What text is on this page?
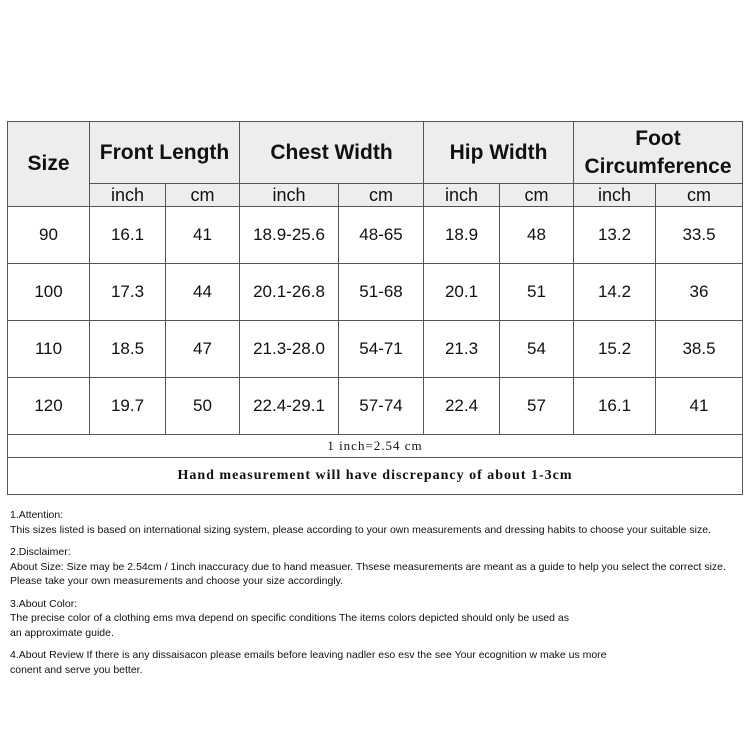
Size	Front Length		Chest Width		Hip Width		Foot Circumference	
	inch	cm	inch	cm	inch	cm	inch	cm
90	16.1	41	18.9-25.6	48-65	18.9	48	13.2	33.5
100	17.3	44	20.1-26.8	51-68	20.1	51	14.2	36
110	18.5	47	21.3-28.0	54-71	21.3	54	15.2	38.5
120	19.7	50	22.4-29.1	57-74	22.4	57	16.1	41
1 inch=2.54 cm								
Hand measurement will have discrepancy of about 1-3cm								

1.Attention:
This sizes listed is based on international sizing system, please according to your own measurements and dressing habits to choose your suitable size.

2.Disclaimer:
About Size: Size may be 2.54cm / 1inch inaccuracy due to hand measuer. Thsese measurements are meant as a guide to help you select the correct size.
Please take your own measurements and choose your size accordingly.

3.About Color:
The precise color of a clothing ems mva depend on specific conditions The items colors depicted should only be used as
an approximate guide.

4.About Review If there is any dissaisacon please emails before leaving nadler eso esv the see Your ecognition w make us more
conent and serve you better.
